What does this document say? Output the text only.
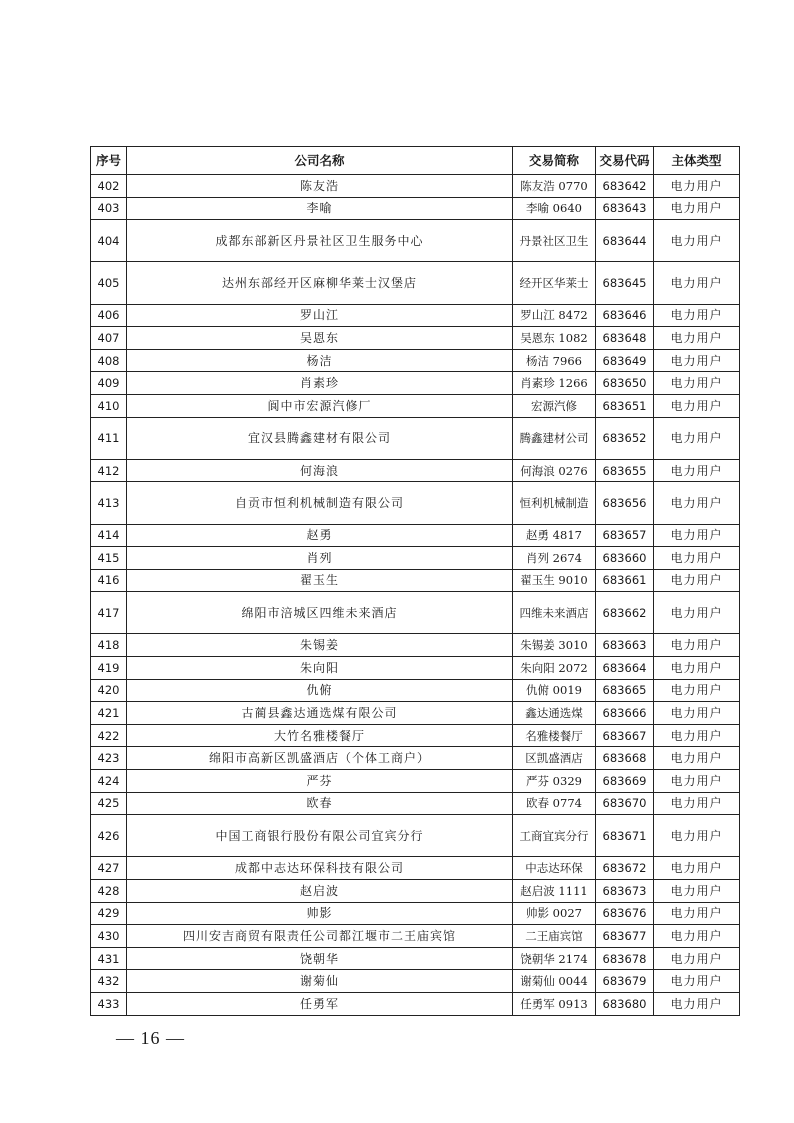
序号	公司名称	交易简称	交易代码	主体类型
402	陈友浩	陈友浩 0770	683642	电力用户
403	李喻	李喻 0640	683643	电力用户
404	成都东部新区丹景社区卫生服务中心	丹景社区卫生	683644	电力用户
405	达州东部经开区麻柳华莱士汉堡店	经开区华莱士	683645	电力用户
406	罗山江	罗山江 8472	683646	电力用户
407	吴恩东	吴恩东 1082	683648	电力用户
408	杨洁	杨洁 7966	683649	电力用户
409	肖素珍	肖素珍 1266	683650	电力用户
410	阆中市宏源汽修厂	宏源汽修	683651	电力用户
411	宜汉县腾鑫建材有限公司	腾鑫建材公司	683652	电力用户
412	何海浪	何海浪 0276	683655	电力用户
413	自贡市恒利机械制造有限公司	恒利机械制造	683656	电力用户
414	赵勇	赵勇 4817	683657	电力用户
415	肖列	肖列 2674	683660	电力用户
416	翟玉生	翟玉生 9010	683661	电力用户
417	绵阳市涪城区四维未来酒店	四维未来酒店	683662	电力用户
418	朱锡姜	朱锡姜 3010	683663	电力用户
419	朱向阳	朱向阳 2072	683664	电力用户
420	仇俯	仇俯 0019	683665	电力用户
421	古蔺县鑫达通选煤有限公司	鑫达通选煤	683666	电力用户
422	大竹名雅楼餐厅	名雅楼餐厅	683667	电力用户
423	绵阳市高新区凯盛酒店（个体工商户）	区凯盛酒店	683668	电力用户
424	严芬	严芬 0329	683669	电力用户
425	欧春	欧春 0774	683670	电力用户
426	中国工商银行股份有限公司宜宾分行	工商宜宾分行	683671	电力用户
427	成都中志达环保科技有限公司	中志达环保	683672	电力用户
428	赵启波	赵启波 1111	683673	电力用户
429	帅影	帅影 0027	683676	电力用户
430	四川安吉商贸有限责任公司都江堰市二王庙宾馆	二王庙宾馆	683677	电力用户
431	饶朝华	饶朝华 2174	683678	电力用户
432	谢菊仙	谢菊仙 0044	683679	电力用户
433	任勇军	任勇军 0913	683680	电力用户
— 16 —
